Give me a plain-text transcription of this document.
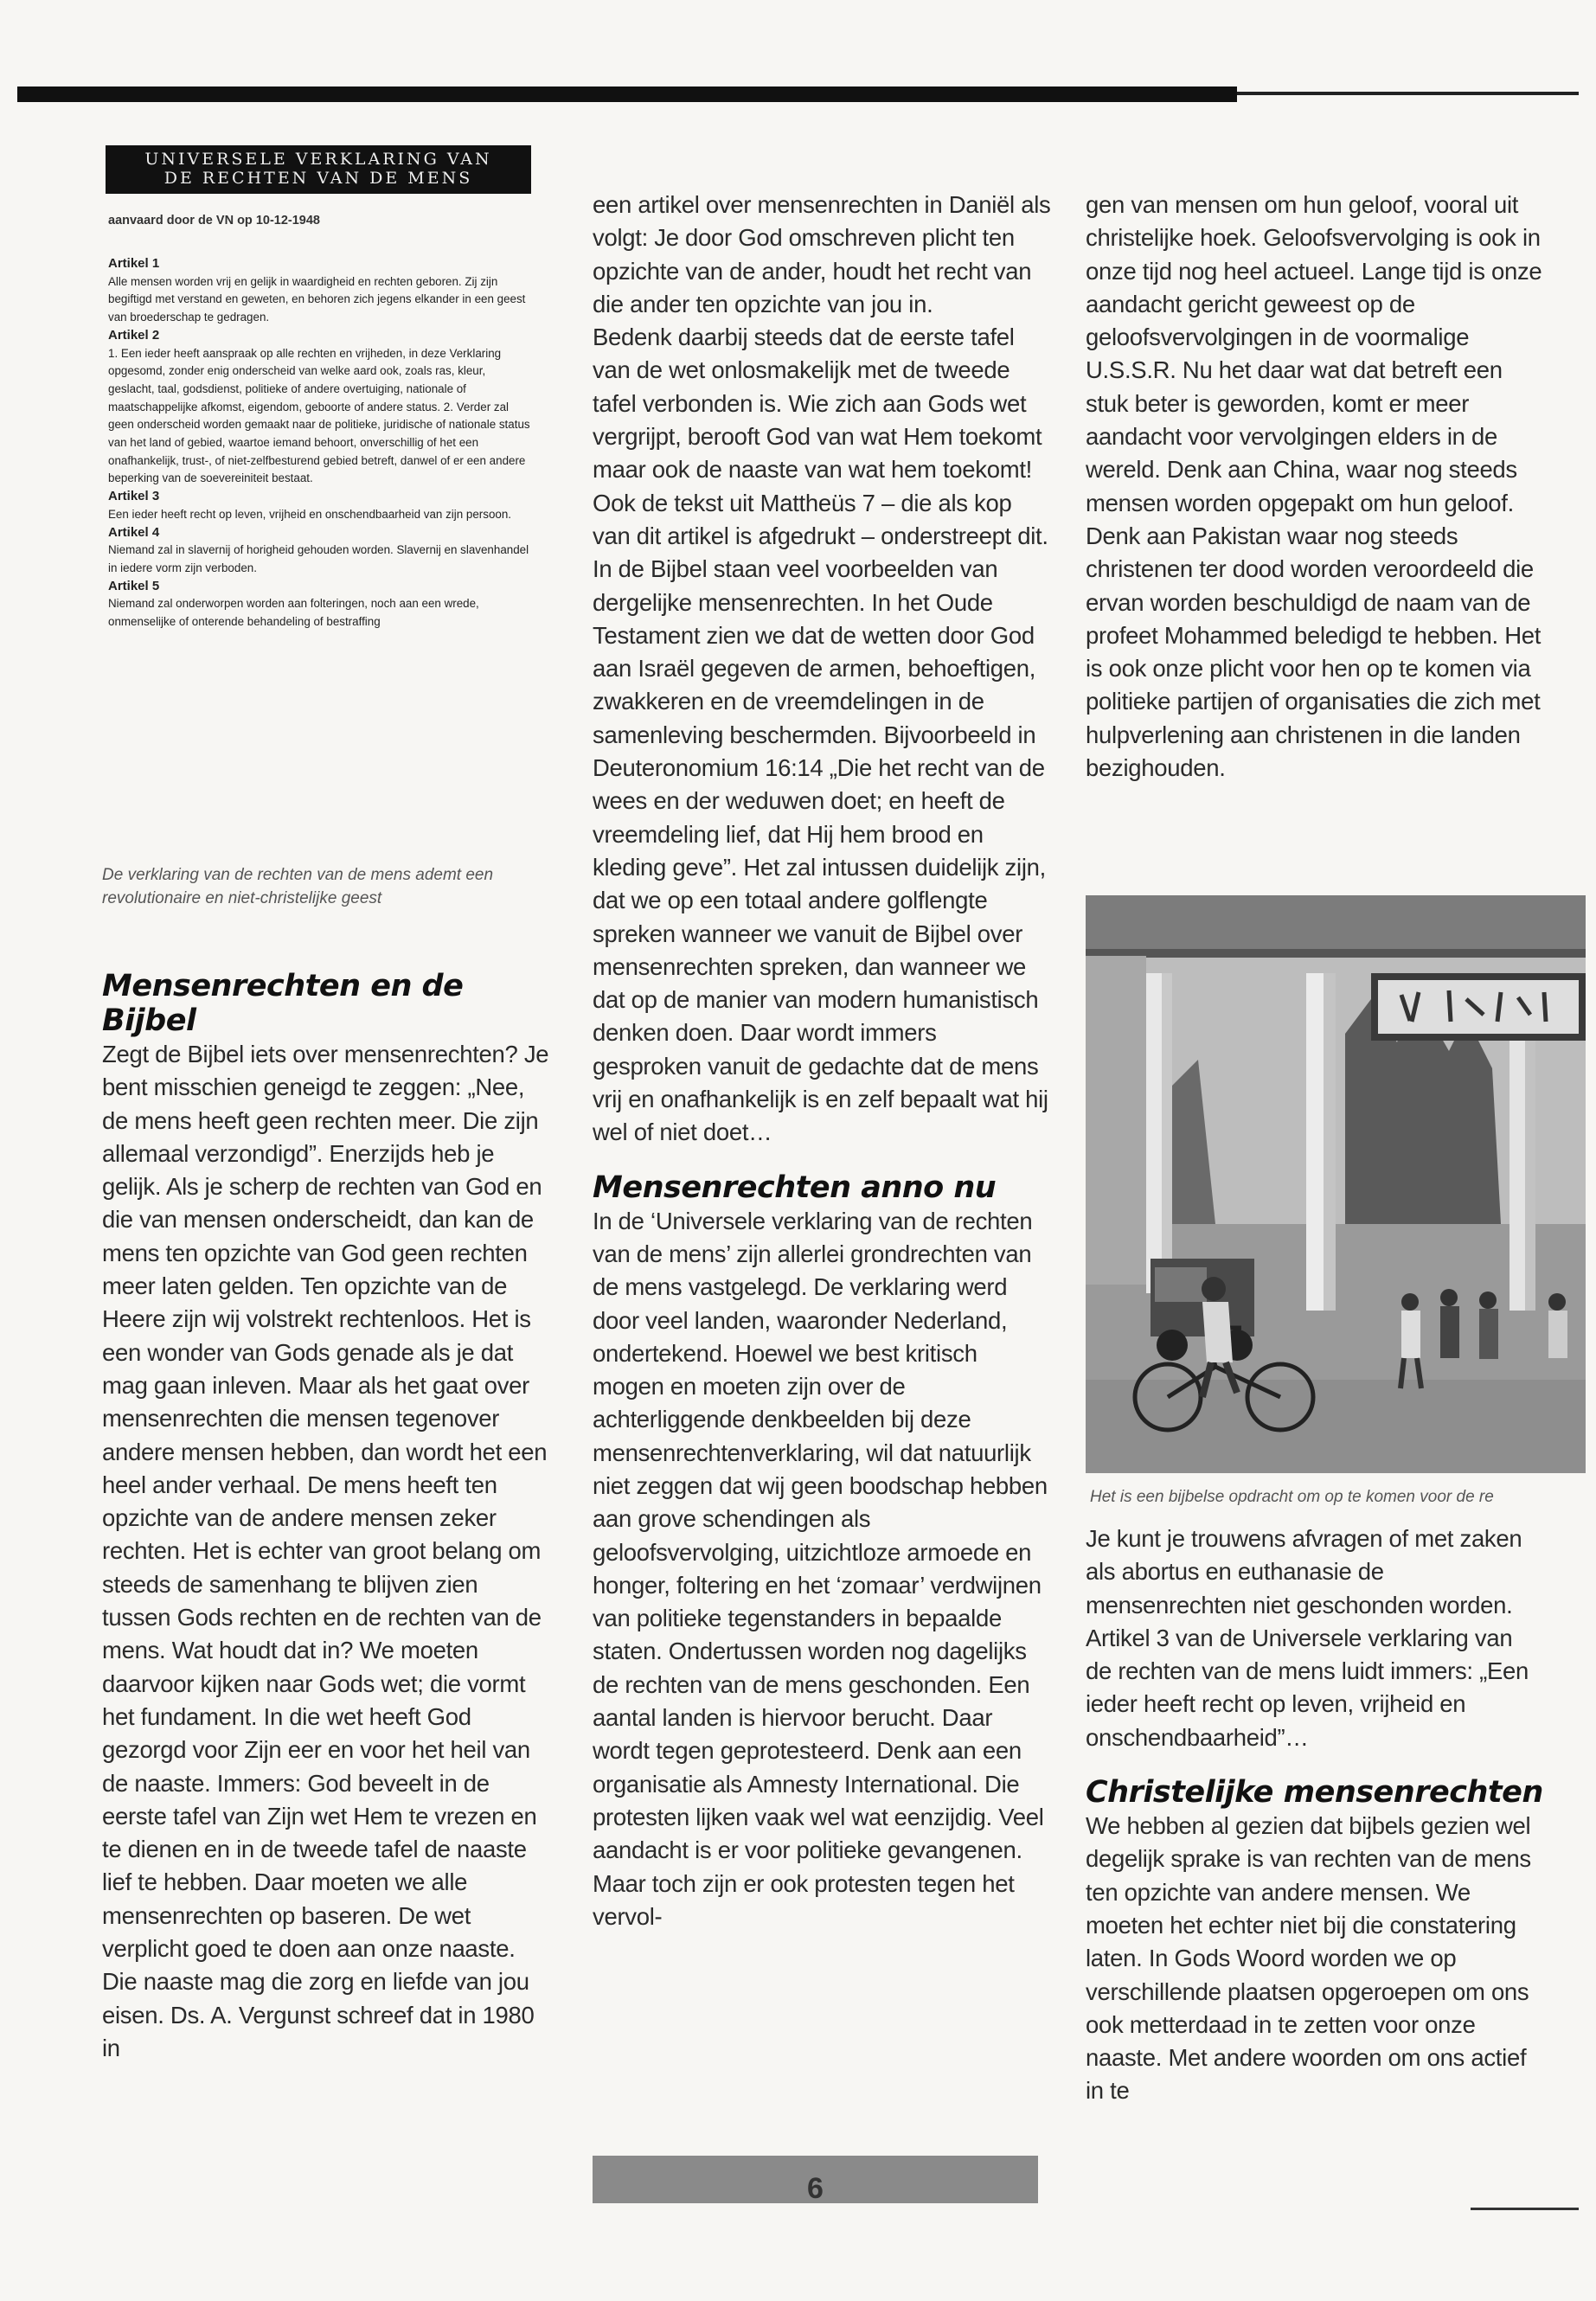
UNIVERSELE VERKLARING VAN
DE RECHTEN VAN DE MENS
aanvaard door de VN op 10-12-1948

Artikel 1

Alle mensen worden vrij en gelijk in waardigheid en rechten geboren. Zij zijn begiftigd met verstand en geweten, en behoren zich jegens elkander in een geest van broederschap te gedragen.

Artikel 2

1. Een ieder heeft aanspraak op alle rechten en vrijheden, in deze Verklaring opgesomd, zonder enig onderscheid van welke aard ook, zoals ras, kleur, geslacht, taal, godsdienst, politieke of andere overtuiging, nationale of maatschappelijke afkomst, eigendom, geboorte of andere status. 2. Verder zal geen onderscheid worden gemaakt naar de politieke, juridische of nationale status van het land of gebied, waartoe iemand behoort, onverschillig of het een onafhankelijk, trust-, of niet-zelfbesturend gebied betreft, danwel of er een andere beperking van de soevereiniteit bestaat.

Artikel 3

Een ieder heeft recht op leven, vrijheid en onschendbaarheid van zijn persoon.

Artikel 4

Niemand zal in slavernij of horigheid gehouden worden. Slavernij en slavenhandel in iedere vorm zijn verboden.

Artikel 5

Niemand zal onderworpen worden aan folteringen, noch aan een wrede, onmenselijke of onterende behandeling of bestraffing

De verklaring van de rechten van de mens ademt een revolutionaire en niet-christelijke geest
Mensenrechten en de Bijbel

Zegt de Bijbel iets over mensenrechten? Je bent misschien geneigd te zeggen: „Nee, de mens heeft geen rechten meer. Die zijn allemaal verzondigd”. Enerzijds heb je gelijk. Als je scherp de rechten van God en die van mensen onderscheidt, dan kan de mens ten opzichte van God geen rechten meer laten gelden. Ten opzichte van de Heere zijn wij volstrekt rechtenloos. Het is een wonder van Gods genade als je dat mag gaan inleven. Maar als het gaat over mensenrechten die mensen tegenover andere mensen hebben, dan wordt het een heel ander verhaal. De mens heeft ten opzichte van de andere mensen zeker rechten. Het is echter van groot belang om steeds de samenhang te blijven zien tussen Gods rechten en de rechten van de mens. Wat houdt dat in? We moeten daarvoor kijken naar Gods wet; die vormt het fundament. In die wet heeft God gezorgd voor Zijn eer en voor het heil van de naaste. Immers: God beveelt in de eerste tafel van Zijn wet Hem te vrezen en te dienen en in de tweede tafel de naaste lief te hebben. Daar moeten we alle mensenrechten op baseren. De wet verplicht goed te doen aan onze naaste. Die naaste mag die zorg en liefde van jou eisen. Ds. A. Vergunst schreef dat in 1980 in

een artikel over mensenrechten in Daniël als volgt: Je door God omschreven plicht ten opzichte van de ander, houdt het recht van die ander ten opzichte van jou in.

Bedenk daarbij steeds dat de eerste tafel van de wet onlosmakelijk met de tweede tafel verbonden is. Wie zich aan Gods wet vergrijpt, berooft God van wat Hem toekomt maar ook de naaste van wat hem toekomt! Ook de tekst uit Mattheüs 7 – die als kop van dit artikel is afgedrukt – onderstreept dit.

In de Bijbel staan veel voorbeelden van dergelijke mensenrechten. In het Oude Testament zien we dat de wetten door God aan Israël gegeven de armen, behoeftigen, zwakkeren en de vreemdelingen in de samenleving beschermden. Bijvoorbeeld in Deuteronomium 16:14 „Die het recht van de wees en der weduwen doet; en heeft de vreemdeling lief, dat Hij hem brood en kleding geve”. Het zal intussen duidelijk zijn, dat we op een totaal andere golflengte spreken wanneer we vanuit de Bijbel over mensenrechten spreken, dan wanneer we dat op de manier van modern humanistisch denken doen. Daar wordt immers gesproken vanuit de gedachte dat de mens vrij en onafhankelijk is en zelf bepaalt wat hij wel of niet doet…

Mensenrechten anno nu

In de ‘Universele verklaring van de rechten van de mens’ zijn allerlei grondrechten van de mens vastgelegd. De verklaring werd door veel landen, waaronder Nederland, ondertekend. Hoewel we best kritisch mogen en moeten zijn over de achterliggende denkbeelden bij deze mensenrechtenverklaring, wil dat natuurlijk niet zeggen dat wij geen boodschap hebben aan grove schendingen als geloofsvervolging, uitzichtloze armoede en honger, foltering en het ‘zomaar’ verdwijnen van politieke tegenstanders in bepaalde staten. Ondertussen worden nog dagelijks de rechten van de mens geschonden. Een aantal landen is hiervoor berucht. Daar wordt tegen geprotesteerd. Denk aan een organisatie als Amnesty International. Die protesten lijken vaak wel wat eenzijdig. Veel aandacht is er voor politieke gevangenen. Maar toch zijn er ook protesten tegen het vervol-

gen van mensen om hun geloof, vooral uit christelijke hoek. Geloofsvervolging is ook in onze tijd nog heel actueel. Lange tijd is onze aandacht gericht geweest op de geloofsvervolgingen in de voormalige U.S.S.R. Nu het daar wat dat betreft een stuk beter is geworden, komt er meer aandacht voor vervolgingen elders in de wereld. Denk aan China, waar nog steeds mensen worden opgepakt om hun geloof. Denk aan Pakistan waar nog steeds christenen ter dood worden veroordeeld die ervan worden beschuldigd de naam van de profeet Mohammed beledigd te hebben. Het is ook onze plicht voor hen op te komen via politieke partijen of organisaties die zich met hulpverlening aan christenen in die landen bezighouden.

Het is een bijbelse opdracht om op te komen voor de re

Je kunt je trouwens afvragen of met zaken als abortus en euthanasie de mensenrechten niet geschonden worden. Artikel 3 van de Universele verklaring van de rechten van de mens luidt immers: „Een ieder heeft recht op leven, vrijheid en onschendbaarheid”…

Christelijke mensenrechten

We hebben al gezien dat bijbels gezien wel degelijk sprake is van rechten van de mens ten opzichte van andere mensen. We moeten het echter niet bij die constatering laten. In Gods Woord worden we op verschillende plaatsen opgeroepen om ons ook metterdaad in te zetten voor onze naaste. Met andere woorden om ons actief in te

6
